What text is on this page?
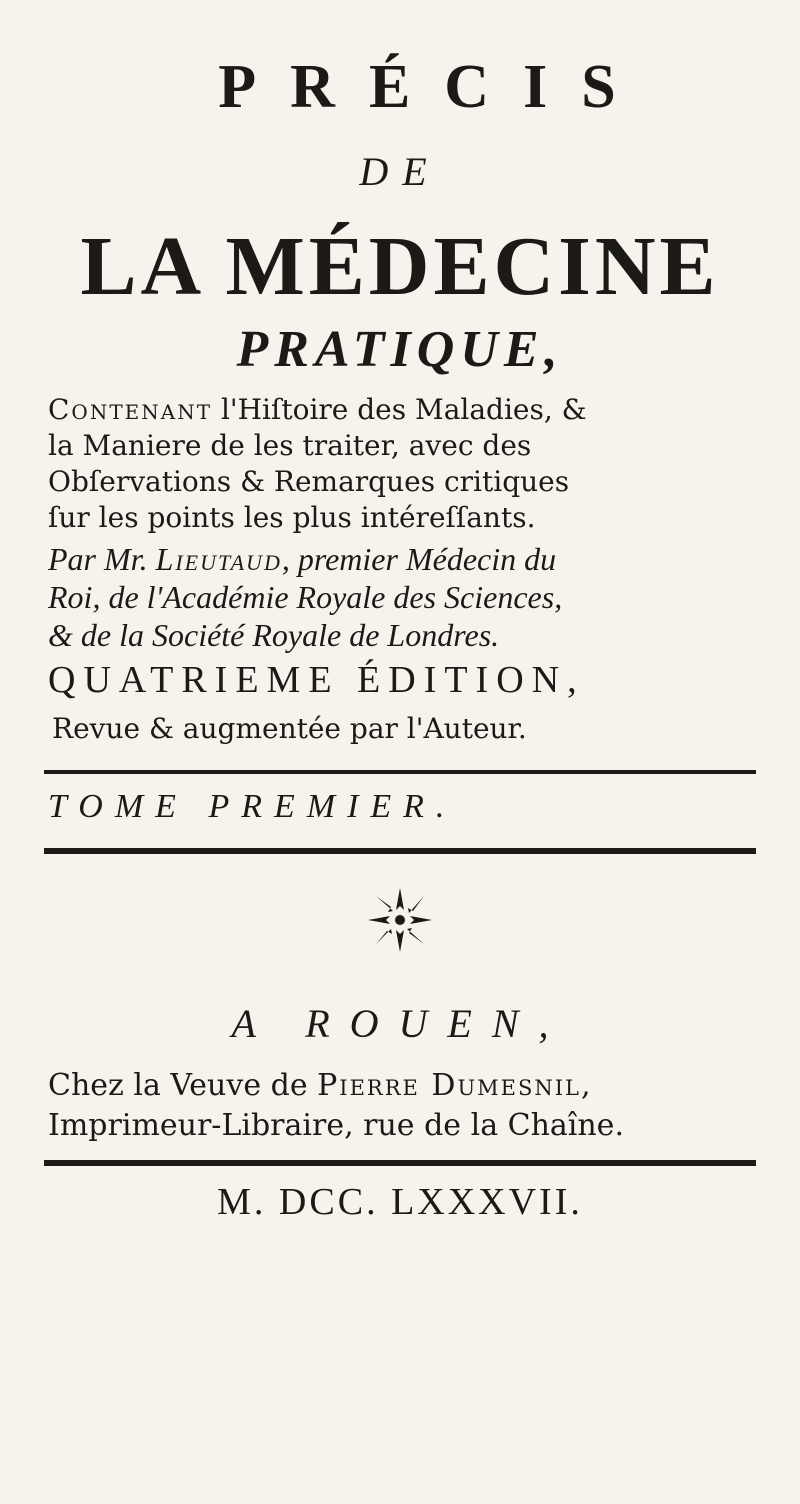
PRÉCIS
DE
LA MÉDECINE
PRATIQUE,
Contenant l'Hiſtoire des Maladies, &
la Maniere de les traiter, avec des
Obſervations & Remarques critiques
ſur les points les plus intéreſſants.
Par Mr. Lieutaud, premier Médecin du
Roi, de l'Académie Royale des Sciences,
& de la Société Royale de Londres.
QUATRIEME ÉDITION,
Revue & augmentée par l'Auteur.
TOME PREMIER.
A ROUEN,
Chez la Veuve de Pierre Dumesnil,
Imprimeur-Libraire, rue de la Chaîne.
M. DCC. LXXXVII.
